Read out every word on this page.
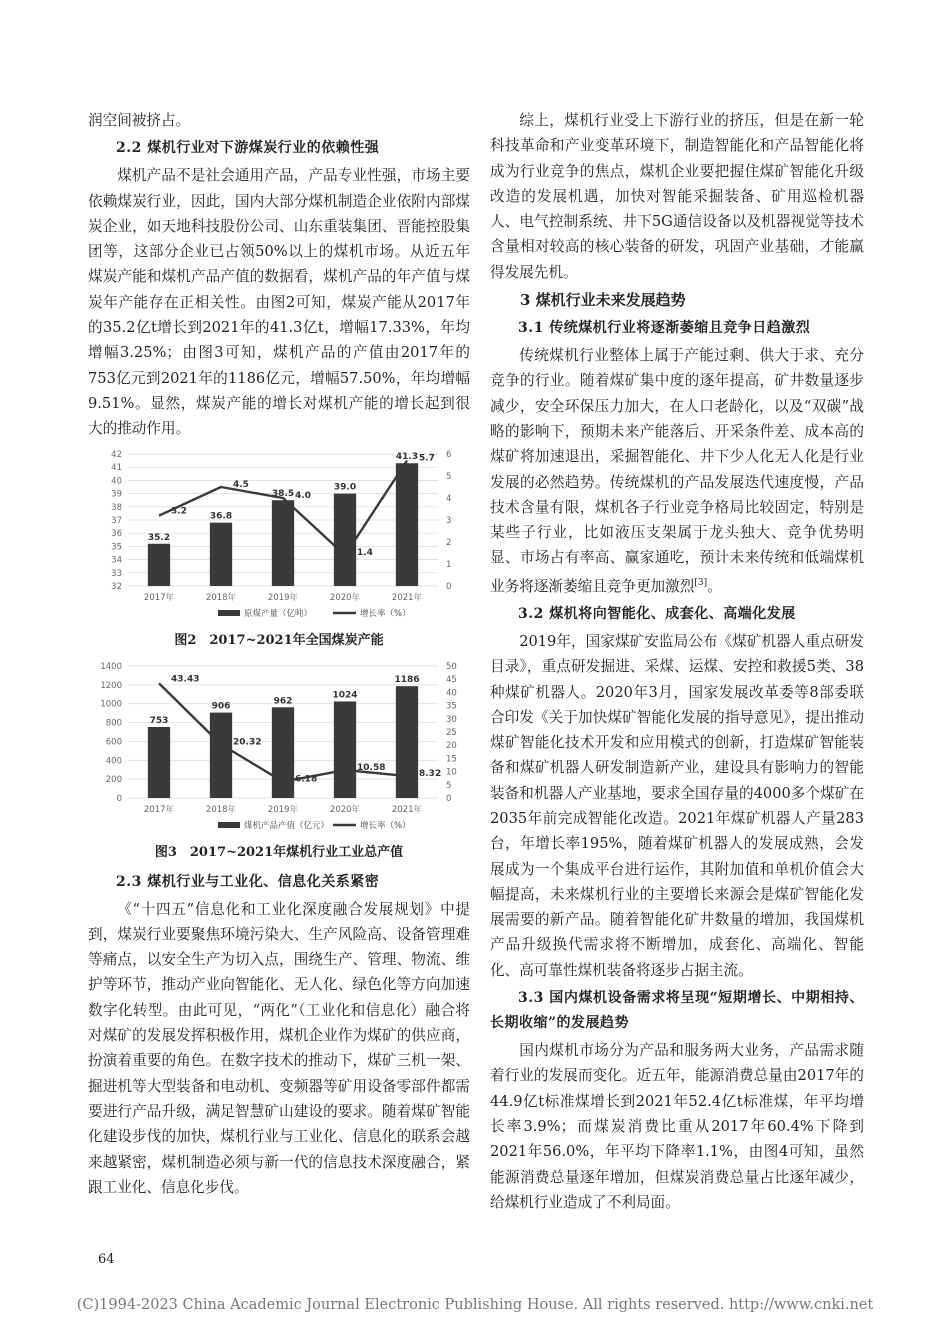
润空间被挤占。

2.2 煤机行业对下游煤炭行业的依赖性强

煤机产品不是社会通用产品，产品专业性强，市场主要依赖煤炭行业，因此，国内大部分煤机制造企业依附内部煤炭企业，如天地科技股份公司、山东重装集团、晋能控股集团等，这部分企业已占领50%以上的煤机市场。从近五年煤炭产能和煤机产品产值的数据看，煤机产品的年产值与煤炭年产能存在正相关性。由图2可知，煤炭产能从2017年的35.2亿t增长到2021年的41.3亿t，增幅17.33%，年均增幅3.25%；由图3可知，煤机产品的产值由2017年的753亿元到2021年的1186亿元，增幅57.50%，年均增幅9.51%。显然，煤炭产能的增长对煤机产能的增长起到很大的推动作用。

32
33
34
35
36
37
38
39
40
41
42
0
1
2
3
4
5
6
35.2
36.8
38.5
39.0
41.3
3.2
4.5
4.0
1.4
5.7
2017年	2018年	2019年	2020年	2021年
原煤产量（亿吨）	增长率（%）
图2　2017~2021年全国煤炭产能
0
200
400
600
800
1000
1200
1400
0
5
10
15
20
25
30
35
40
45
50
753
906
962
1024
1186
43.43
20.32
6.18
10.58
8.32
2017年	2018年	2019年	2020年	2021年
煤机产品产值（亿元）	增长率（%）
图3　2017~2021年煤机行业工业总产值
2.3 煤机行业与工业化、信息化关系紧密

《“十四五”信息化和工业化深度融合发展规划》中提到，煤炭行业要聚焦环境污染大、生产风险高、设备管理难等痛点，以安全生产为切入点，围绕生产、管理、物流、维护等环节，推动产业向智能化、无人化、绿色化等方向加速数字化转型。由此可见，“两化”（工业化和信息化）融合将对煤矿的发展发挥积极作用，煤机企业作为煤矿的供应商，扮演着重要的角色。在数字技术的推动下，煤矿三机一架、掘进机等大型装备和电动机、变频器等矿用设备零部件都需要进行产品升级，满足智慧矿山建设的要求。随着煤矿智能化建设步伐的加快，煤机行业与工业化、信息化的联系会越来越紧密，煤机制造必须与新一代的信息技术深度融合，紧跟工业化、信息化步伐。

综上，煤机行业受上下游行业的挤压，但是在新一轮科技革命和产业变革环境下，制造智能化和产品智能化将成为行业竞争的焦点，煤机企业要把握住煤矿智能化升级改造的发展机遇，加快对智能采掘装备、矿用巡检机器人、电气控制系统、井下5G通信设备以及机器视觉等技术含量相对较高的核心装备的研发，巩固产业基础，才能赢得发展先机。

3 煤机行业未来发展趋势
3.1 传统煤机行业将逐渐萎缩且竞争日趋激烈

传统煤机行业整体上属于产能过剩、供大于求、充分竞争的行业。随着煤矿集中度的逐年提高，矿井数量逐步减少，安全环保压力加大，在人口老龄化，以及“双碳”战略的影响下，预期未来产能落后、开采条件差、成本高的煤矿将加速退出，采掘智能化、井下少人化无人化是行业发展的必然趋势。传统煤机的产品发展迭代速度慢，产品技术含量有限，煤机各子行业竞争格局比较固定，特别是某些子行业，比如液压支架属于龙头独大、竞争优势明显、市场占有率高、赢家通吃，预计未来传统和低端煤机业务将逐渐萎缩且竞争更加激烈[3]。

3.2 煤机将向智能化、成套化、高端化发展

2019年，国家煤矿安监局公布《煤矿机器人重点研发目录》，重点研发掘进、采煤、运煤、安控和救援5类、38种煤矿机器人。2020年3月，国家发展改革委等8部委联合印发《关于加快煤矿智能化发展的指导意见》，提出推动煤矿智能化技术开发和应用模式的创新，打造煤矿智能装备和煤矿机器人研发制造新产业，建设具有影响力的智能装备和机器人产业基地，要求全国存量的4000多个煤矿在2035年前完成智能化改造。2021年煤矿机器人产量283台，年增长率195%，随着煤矿机器人的发展成熟，会发展成为一个集成平台进行运作，其附加值和单机价值会大幅提高，未来煤机行业的主要增长来源会是煤矿智能化发展需要的新产品。随着智能化矿井数量的增加，我国煤机产品升级换代需求将不断增加，成套化、高端化、智能化、高可靠性煤机装备将逐步占据主流。

3.3 国内煤机设备需求将呈现“短期增长、中期相持、长期收缩”的发展趋势

国内煤机市场分为产品和服务两大业务，产品需求随着行业的发展而变化。近五年，能源消费总量由2017年的44.9亿t标准煤增长到2021年52.4亿t标准煤，年平均增长率3.9%；而煤炭消费比重从2017年60.4%下降到2021年56.0%，年平均下降率1.1%，由图4可知，虽然能源消费总量逐年增加，但煤炭消费总量占比逐年减少，给煤机行业造成了不利局面。

64
(C)1994-2023 China Academic Journal Electronic Publishing House. All rights reserved. http://www.cnki.net
